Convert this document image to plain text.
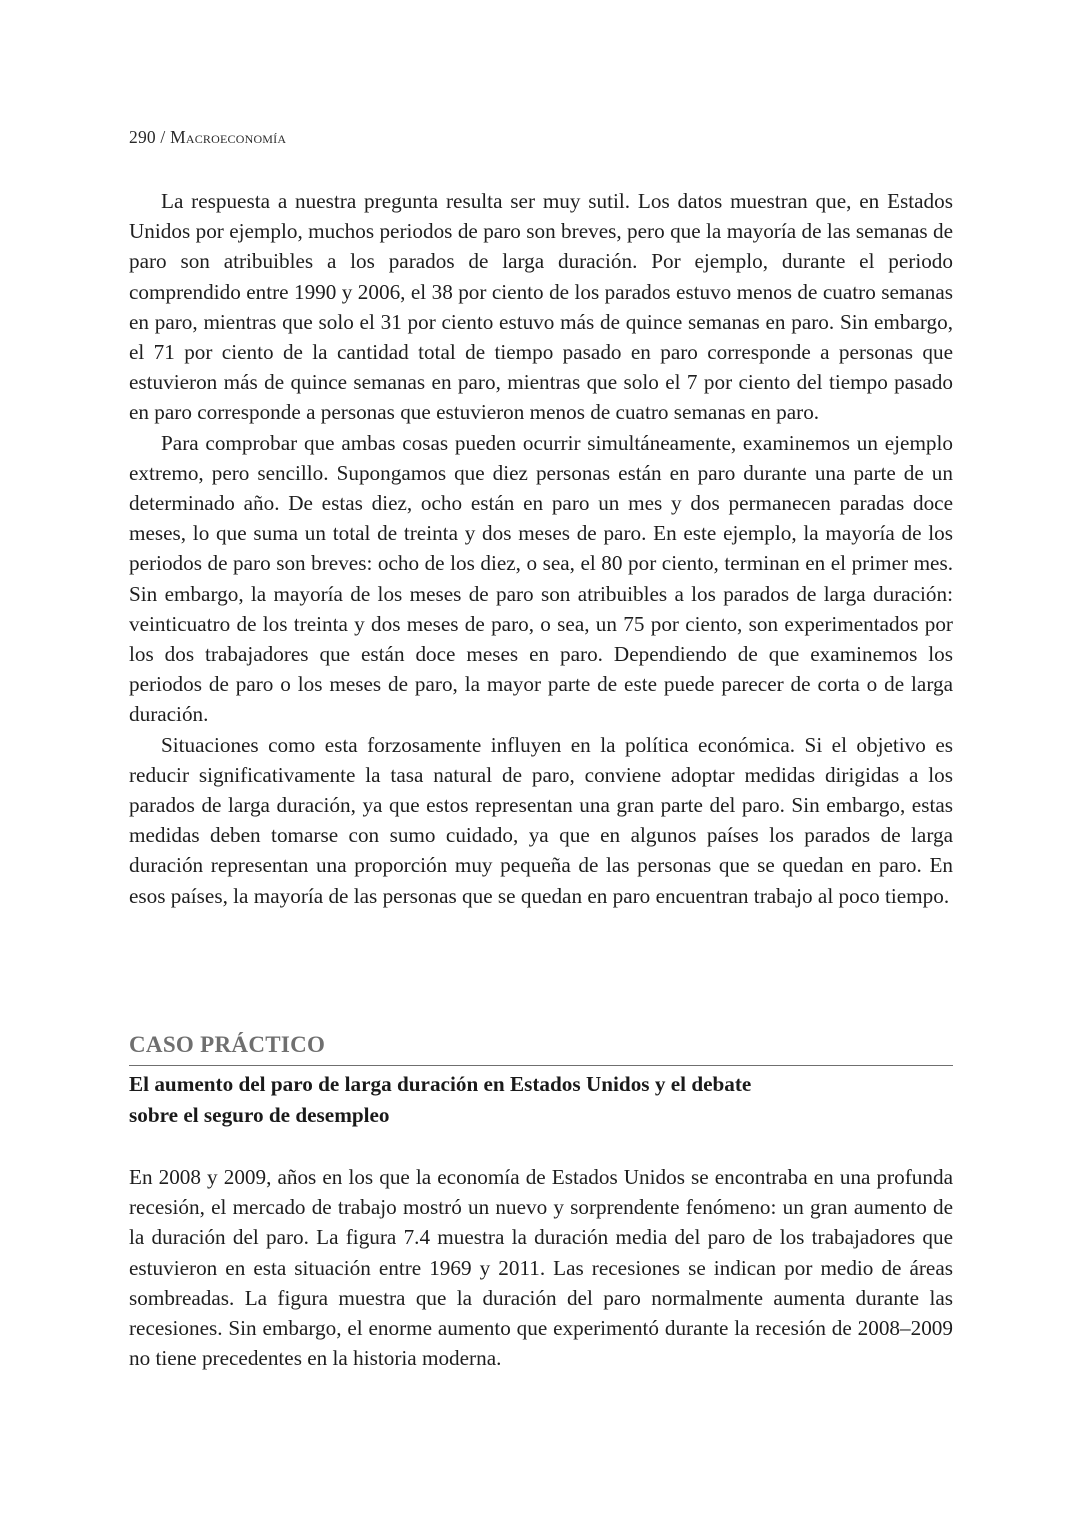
290 / Macroeconomía

La respuesta a nuestra pregunta resulta ser muy sutil. Los datos muestran que, en Estados Unidos por ejemplo, muchos periodos de paro son breves, pero que la mayoría de las semanas de paro son atribuibles a los parados de larga duración. Por ejemplo, durante el periodo comprendido entre 1990 y 2006, el 38 por ciento de los parados estuvo menos de cuatro semanas en paro, mientras que solo el 31 por ciento estuvo más de quince semanas en paro. Sin embargo, el 71 por ciento de la cantidad total de tiempo pasado en paro corresponde a personas que estuvieron más de quince semanas en paro, mientras que solo el 7 por ciento del tiempo pasado en paro corresponde a personas que estuvieron menos de cuatro semanas en paro.

Para comprobar que ambas cosas pueden ocurrir simultáneamente, examinemos un ejemplo extremo, pero sencillo. Supongamos que diez personas están en paro durante una parte de un determinado año. De estas diez, ocho están en paro un mes y dos permanecen paradas doce meses, lo que suma un total de treinta y dos meses de paro. En este ejemplo, la mayoría de los periodos de paro son breves: ocho de los diez, o sea, el 80 por ciento, terminan en el primer mes. Sin embargo, la mayoría de los meses de paro son atribuibles a los parados de larga duración: veinticuatro de los treinta y dos meses de paro, o sea, un 75 por ciento, son experimentados por los dos trabajadores que están doce meses en paro. Dependiendo de que examinemos los periodos de paro o los meses de paro, la mayor parte de este puede parecer de corta o de larga duración.

Situaciones como esta forzosamente influyen en la política económica. Si el objetivo es reducir significativamente la tasa natural de paro, conviene adoptar medidas dirigidas a los parados de larga duración, ya que estos representan una gran parte del paro. Sin embargo, estas medidas deben tomarse con sumo cuidado, ya que en algunos países los parados de larga duración representan una proporción muy pequeña de las personas que se quedan en paro. En esos países, la mayoría de las personas que se quedan en paro encuentran trabajo al poco tiempo.

CASO PRÁCTICO
El aumento del paro de larga duración en Estados Unidos y el debate
sobre el seguro de desempleo

En 2008 y 2009, años en los que la economía de Estados Unidos se encontraba en una profunda recesión, el mercado de trabajo mostró un nuevo y sorprendente fenómeno: un gran aumento de la duración del paro. La figura 7.4 muestra la duración media del paro de los trabajadores que estuvieron en esta situación entre 1969 y 2011. Las recesiones se indican por medio de áreas sombreadas. La figura muestra que la duración del paro normalmente aumenta durante las recesiones. Sin embargo, el enorme aumento que experimentó durante la recesión de 2008–2009 no tiene precedentes en la historia moderna.
